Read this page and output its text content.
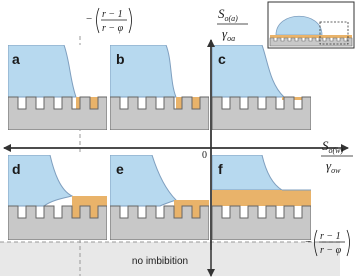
a	b	c
d	e	f
0
$S_{o(a)}$
$\gamma_{oa}$
$S_{o(w)}$
$\gamma_{ow}$
− r − 1
r − φ
− r − 1
r − φ
no imbibition
